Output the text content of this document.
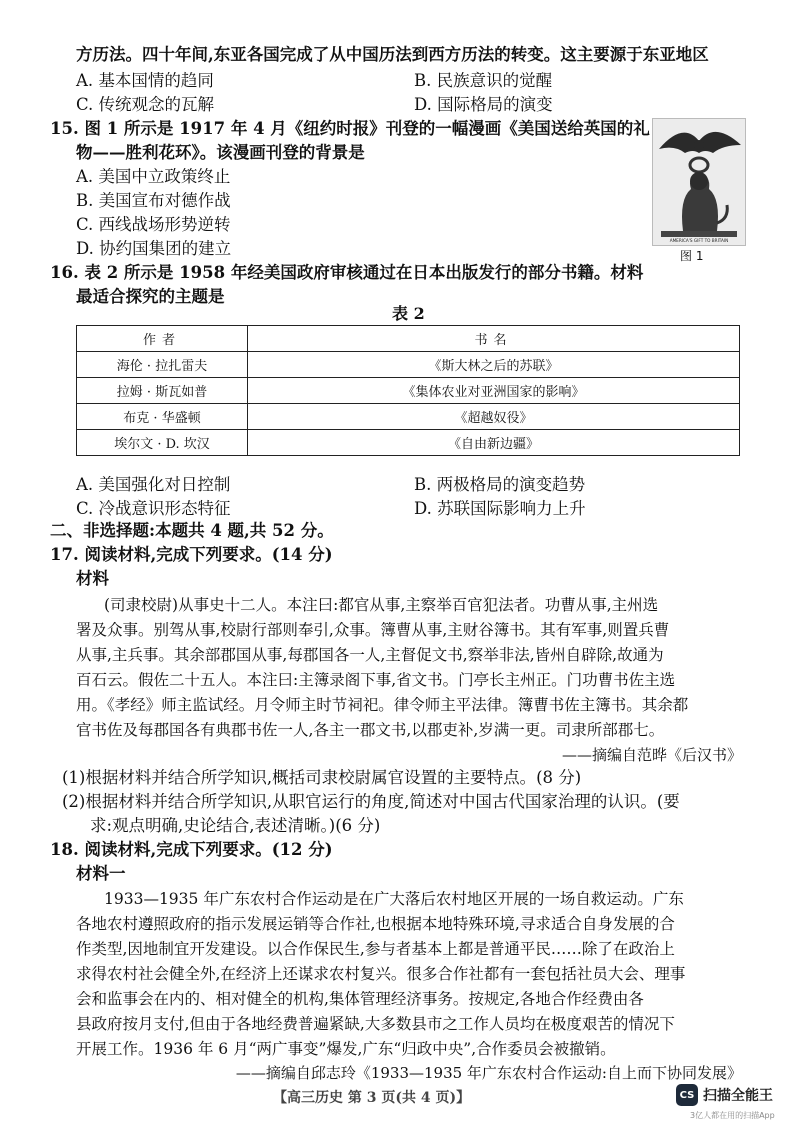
方历法。四十年间,东亚各国完成了从中国历法到西方历法的转变。这主要源于东亚地区
A. 基本国情的趋同	B. 民族意识的觉醒
C. 传统观念的瓦解	D. 国际格局的演变
15. 图 1 所示是 1917 年 4 月《纽约时报》刊登的一幅漫画《美国送给英国的礼
物——胜利花环》。该漫画刊登的背景是
A. 美国中立政策终止
B. 美国宣布对德作战
C. 西线战场形势逆转
D. 协约国集团的建立	AMERICA'S GIFT TO BRITAIN
图 1
16. 表 2 所示是 1958 年经美国政府审核通过在日本出版发行的部分书籍。材料
最适合探究的主题是
表 2
作者	书名
海伦 · 拉扎雷夫	《斯大林之后的苏联》
拉姆 · 斯瓦如普	《集体农业对亚洲国家的影响》
布克 · 华盛顿	《超越奴役》
埃尔文 · D. 坎汉	《自由新边疆》
A. 美国强化对日控制	B. 两极格局的演变趋势
C. 冷战意识形态特征	D. 苏联国际影响力上升
二、非选择题:本题共 4 题,共 52 分。
17. 阅读材料,完成下列要求。(14 分)
材料
(司隶校尉)从事史十二人。本注曰:都官从事,主察举百官犯法者。功曹从事,主州选
署及众事。别驾从事,校尉行部则奉引,众事。簿曹从事,主财谷簿书。其有军事,则置兵曹
从事,主兵事。其余部郡国从事,每郡国各一人,主督促文书,察举非法,皆州自辟除,故通为
百石云。假佐二十五人。本注曰:主簿录阁下事,省文书。门亭长主州正。门功曹书佐主选
用。《孝经》师主监试经。月令师主时节祠祀。律令师主平法律。簿曹书佐主簿书。其余都
官书佐及每郡国各有典郡书佐一人,各主一郡文书,以郡吏补,岁满一更。司隶所部郡七。
——摘编自范晔《后汉书》
(1)根据材料并结合所学知识,概括司隶校尉属官设置的主要特点。(8 分)
(2)根据材料并结合所学知识,从职官运行的角度,简述对中国古代国家治理的认识。(要
求:观点明确,史论结合,表述清晰。)(6 分)
18. 阅读材料,完成下列要求。(12 分)
材料一
1933—1935 年广东农村合作运动是在广大落后农村地区开展的一场自救运动。广东
各地农村遵照政府的指示发展运销等合作社,也根据本地特殊环境,寻求适合自身发展的合
作类型,因地制宜开发建设。以合作保民生,参与者基本上都是普通平民……除了在政治上
求得农村社会健全外,在经济上还谋求农村复兴。很多合作社都有一套包括社员大会、理事
会和监事会在内的、相对健全的机构,集体管理经济事务。按规定,各地合作经费由各
县政府按月支付,但由于各地经费普遍紧缺,大多数县市之工作人员均在极度艰苦的情况下
开展工作。1936 年 6 月“两广事变”爆发,广东“归政中央”,合作委员会被撤销。
——摘编自邱志玲《1933—1935 年广东农村合作运动:自上而下协同发展》
【高三历史 第 3 页(共 4 页)】	CS 扫描全能王
3亿人都在用的扫描App
